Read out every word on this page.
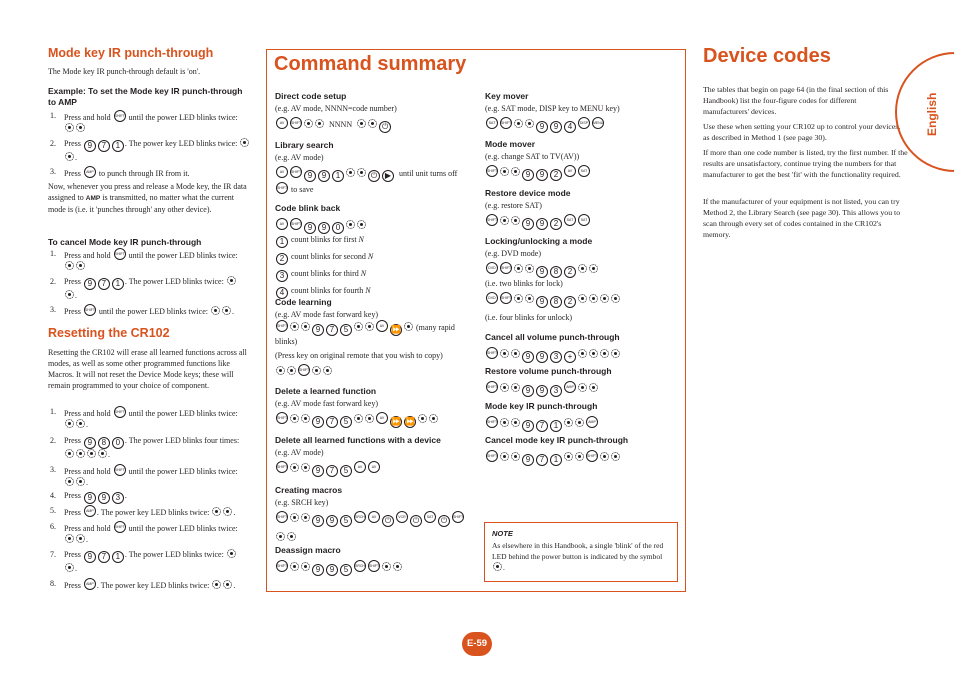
Mode key IR punch-through
The Mode key IR punch-through default is 'on'.
Example: To set the Mode key IR punch-through to AMP
1. Press and hold SHIFT until the power LED blinks twice:

2. Press 9 7 1 . The power key LED blinks twice:
.
3. Press AMP to punch through IR from it.
Now, whenever you press and release a Mode key, the IR data assigned to AMP is transmitted, no matter what the current mode is (i.e. it 'punches through' any other device).
To cancel Mode key IR punch-through
1. Press and hold SHIFT until the power LED blinks twice:

2. Press 9 7 1 . The power LED blinks twice:
.
3. Press SHIFT until the power LED blinks twice:	.
Resetting the CR102
Resetting the CR102 will erase all learned functions across all modes, as well as some other programmed functions like Macros. It will not reset the Device Mode keys; these will remain programmed to your choice of component.
1. Press and hold SHIFT until the power LED blinks twice:
.
2. Press 9 8 0 . The power LED blinks four times:
.
3. Press and hold SHIFT until the power LED blinks twice:
.
4. Press 9 9 3 .
5. Press AMP . The power key LED blinks twice:	.
6. Press and hold SHIFT until the power LED blinks twice:
.
7. Press 9 7 1 . The power LED blinks twice:
.
8. Press AMP . The power key LED blinks twice:	.
Command summary
Direct code setup
(e.g. AV mode, NNNN=code number)
AV SHIFT	NNNN	⏻
Library search
(e.g. AV mode)
AV SHIFT 9 9 1	⏻ ▶ until unit turns off
SHIFT to save
Code blink back
AV SHIFT 9 9 0
1 count blinks for first N
2 count blinks for second N
3 count blinks for third N
4 count blinks for fourth N
Code learning
(e.g. AV mode fast forward key)
SHIFT	9 7 5	AV ⏩ (many rapid blinks)
(Press key on original remote that you wish to copy)
SHIFT
Delete a learned function
(e.g. AV mode fast forward key)
SHIFT	9 7 5	AV ⏩ ⏩
Delete all learned functions with a device
(e.g. AV mode)
SHIFT	9 7 5	AV	AV
Creating macros
(e.g. SRCH key)
SHIFT	9 9 5 SRCH AV ⏻ VCR ⏻ SAT ⏻ SHIFT
Deassign macro
SHIFT	9 9 5 SRCH SHIFT
Key mover
(e.g. SAT mode, DISP key to MENU key)
SAT SHIFT	9 9 4 DISP MENU
Mode mover
(e.g. change SAT to TV(AV))
SHIFT	9 9 2	AV SAT
Restore device mode
(e.g. restore SAT)
SHIFT	9 9 2 SAT SAT
Locking/unlocking a mode
(e.g. DVD mode)
DVD SHIFT	9 8 2
(i.e. two blinks for lock)
DVD SHIFT	9 8 2
(i.e. four blinks for unlock)
Cancel all volume punch-through
SHIFT	9 9 3 +
Restore volume punch-through
SHIFT	9 9 3 AMP
Mode key IR punch-through
SHIFT	9 7 1	AMP
Cancel mode key IR punch-through
SHIFT	9 7 1	SHIFT
NOTE
As elsewhere in this Handbook, a single 'blink' of the red LED behind the power button is indicated by the symbol .
Device codes
The tables that begin on page 64 (in the final section of this Handbook) list the four-figure codes for different manufacturers' devices.
Use these when setting your CR102 up to control your devices, as described in Method 1 (see page 30).
If more than one code number is listed, try the first number. If the results are unsatisfactory, continue trying the numbers for that manufacturer to get the best 'fit' with the functionality required.
If the manufacturer of your equipment is not listed, you can try Method 2, the Library Search (see page 30). This allows you to scan through every set of codes contained in the CR102's memory.
English
E-59
